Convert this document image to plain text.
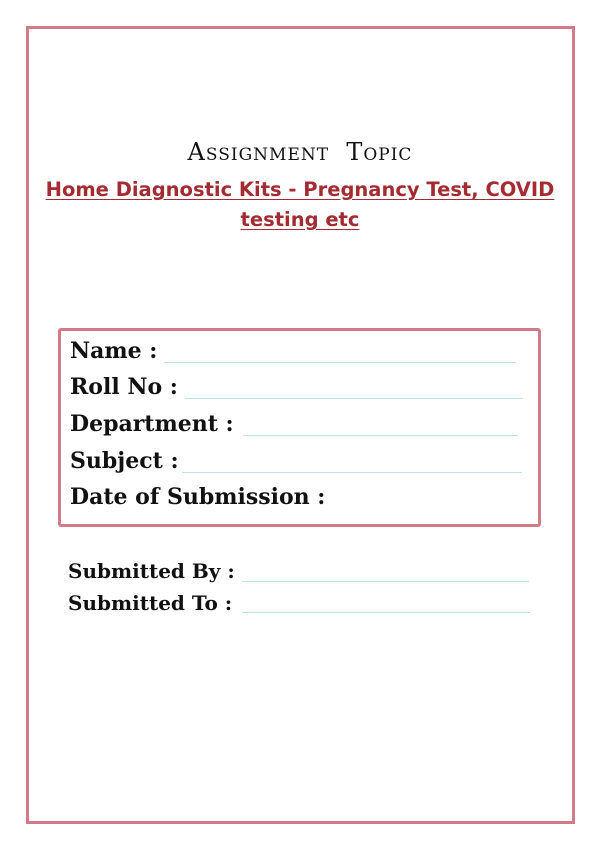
Assignment  Topic
Home Diagnostic Kits - Pregnancy Test, COVID testing etc
Name :
Roll No :
Department :
Subject :
Date of Submission :
Submitted By :
Submitted To :
